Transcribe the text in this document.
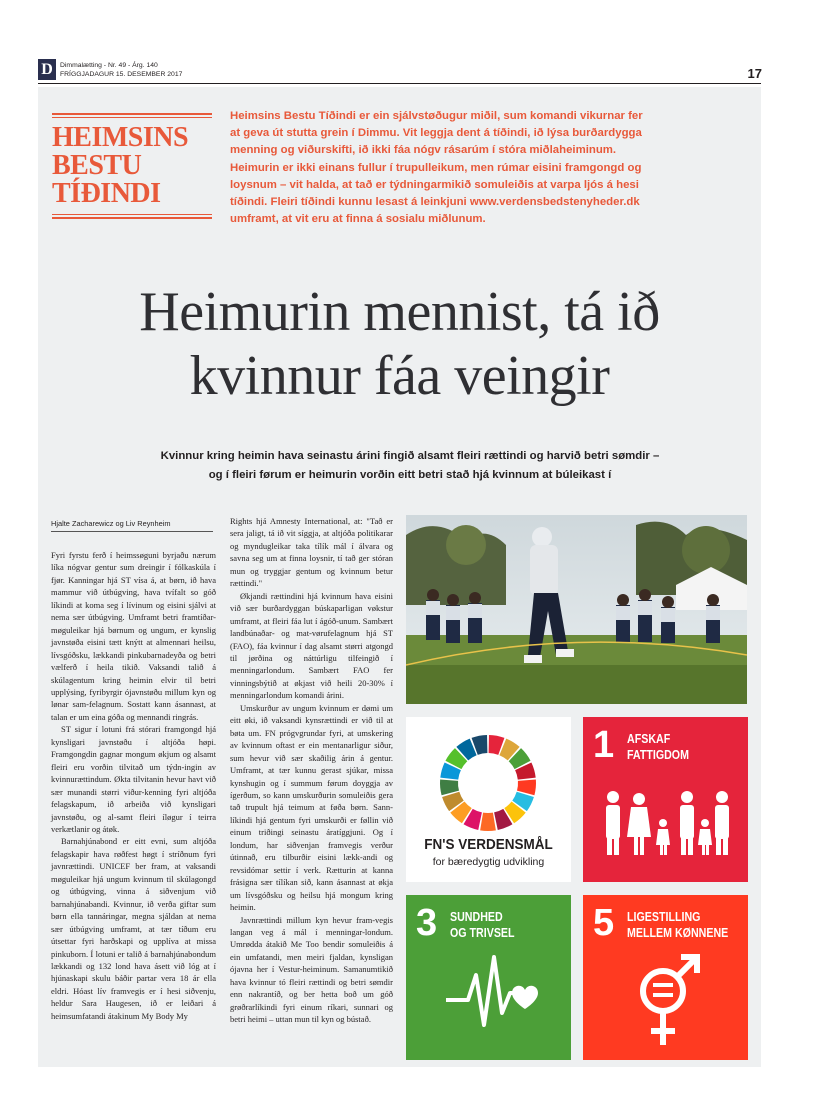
D	Dimmalætting - Nr. 49 - Árg. 140
FRÍGGJADAGUR 15. DESEMBER 2017	17
HEIMSINS
BESTU
TÍÐINDI
Heimsins Bestu Tíðindi er ein sjálvstøðugur miðil, sum komandi vikurnar fer at geva út stutta grein í Dimmu. Vit leggja dent á tíðindi, ið lýsa burðardygga menning og viðurskifti, ið ikki fáa nógv rásarúm í stóra miðlaheiminum. Heimurin er ikki einans fullur í trupulleikum, men rúmar eisini framgongd og loysnum – vit halda, at tað er týdningarmikið somuleiðis at varpa ljós á hesi tíðindi. Fleiri tíðindi kunnu lesast á leinkjuni www.verdensbedstenyheder.dk umframt, at vit eru at finna á sosialu miðlunum.
Heimurin mennist, tá ið
kvinnur fáa veingir
Kvinnur kring heimin hava seinastu árini fingið alsamt fleiri rættindi og harvið betri sømdir – og í fleiri førum er heimurin vorðin eitt betri stað hjá kvinnum at búleikast í
Hjalte Zacharewicz og Liv Reynheim

Fyri fyrstu ferð í heimssøguni byrjaðu nærum líka nógvar gentur sum dreingir í fólkaskúla í fjør. Kanningar hjá ST vísa á, at børn, ið hava mammur við útbúgving, hava tvífalt so góð líkindi at koma seg í lívinum og eisini sjálvi at nema sær útbúgving. Umframt betri framtíðar-møguleikar hjá børnum og ungum, er kynslig javnstøða eisini tætt knýtt at almennari heilsu, lívsgóðsku, lækkandi pinkubarnadeyða og betri vælferð í heila tikið. Vaksandi talið á skúlagentum kring heimin elvir til betri upplýsing, fyribyrgir ójavnstøðu millum kyn og lønar sam-felagnum. Sostatt kann ásannast, at talan er um eina góða og mennandi ringrás.

ST sigur í lotuni frá stórari framgongd hjá kynsligari javnstøðu í altjóða høpi. Framgongdin gagnar mongum økjum og alsamt fleiri eru vorðin tilvitað um týdn-ingin av kvinnurættindum. Økta tilvitanin hevur havt við sær munandi størri viður-kenning fyri altjóða felagskapum, ið arbeiða við kynsligari javnstøðu, og al-samt fleiri íløgur í teirra verkætlanir og átøk.

Barnahjúnabond er eitt evni, sum altjóða felagskapir hava røðfest høgt í stríðnum fyri javnrættindi. UNICEF ber fram, at vaksandi møguleikar hjá ungum kvinnum til skúlagongd og útbúgving, vinna á siðvenjum við barnahjúnabandi. Kvinnur, ið verða giftar sum børn ella tannáringar, megna sjáldan at nema sær útbúgving umframt, at tær tíðum eru útsettar fyri harðskapi og upplíva at missa pinkuborn. Í lotuni er talið á barnahjúnabondum lækkandi og 132 lond hava ásett við lóg at í hjúnaskapi skulu báðir partar vera 18 ár ella eldri. Hóast lív framvegis er í hesi siðvenju, heldur Sara Haugesen, ið er leiðari á heimsumfatandi átakinum My Body My

Rights hjá Amnesty International, at: "Tað er sera jaligt, tá ið vit síggja, at altjóða politikarar og myndugleikar taka tílík mál í álvara og savna seg um at finna loysnir, tí tað ger stóran mun og tryggjar gentum og kvinnum betur rættindi."

Økjandi rættindini hjá kvinnum hava eisini við sær burðardyggan búskaparligan vøkstur umframt, at fleiri fáa lut í ágóð-unum. Sambært landbúnaðar- og mat-vørufelagnum hjá ST (FAO), fáa kvinnur í dag alsamt størri atgongd til jørðina og náttúrligu tilfeingið í menningarlondum. Sambært FAO fer vinningsbýtið at økjast við heili 20-30% í menningarlondum komandi árini.

Umskurður av ungum kvinnum er dømi um eitt øki, ið vaksandi kynsrættindi er við til at bøta um. FN prógvgrundar fyri, at umskering av kvinnum oftast er ein mentanarligur siður, sum hevur við sær skaðilig árin á gentur. Umframt, at tær kunnu gerast sjúkar, missa kynshugin og í summum førum doyggja av ígerðum, so kann umskurðurin somuleiðis gera tað trupult hjá teimum at føða børn. Sann-líkindi hjá gentum fyri umskurði er føllin við einum triðingi seinastu áratíggjuni. Og í londum, har siðvenjan framvegis verður útinnað, eru tilburðir eisini lækk-andi og revsidómar settir í verk. Rætturin at kanna frásigna sær tílíkan sið, kann ásannast at økja um lívsgóðsku og heilsu hjá mongum kring heimin.

Javnrættindi millum kyn hevur fram-vegis langan veg á mál í menningar-londum. Umrødda átakið Me Too bendir somuleiðis á ein umfatandi, men meiri fjaldan, kynsligan ójavna her í Vestur-heiminum. Samanumtikið hava kvinnur tó fleiri rættindi og betri sømdir enn nakrantíð, og ber hetta boð um góð grøðrarlíkindi fyri einum ríkari, sunnari og betri heimi – uttan mun til kyn og bústað.

FN'S VERDENSMÅL
for bæredygtig udvikling
1 AFSKAF
FATTIGDOM
3 SUNDHED
OG TRIVSEL 5 LIGESTILLING
MELLEM KØNNENE
